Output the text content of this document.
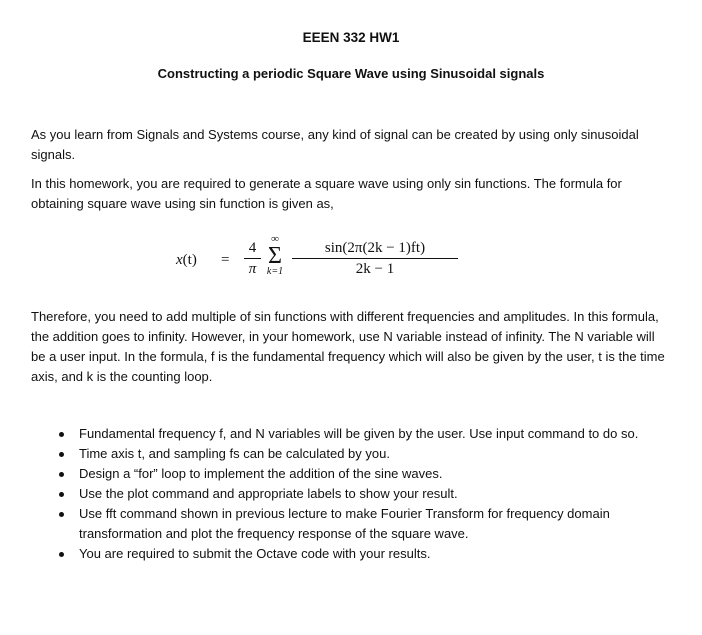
EEEN 332 HW1
Constructing a periodic Square Wave using Sinusoidal signals
As you learn from Signals and Systems course, any kind of signal can be created by using only sinusoidal signals.
In this homework, you are required to generate a square wave using only sin functions. The formula for obtaining square wave using sin function is given as,
x(t) =
4
π
∞
Σ
k=1
sin(2π(2k − 1)ft)
2k − 1
Therefore, you need to add multiple of sin functions with different frequencies and amplitudes. In this formula, the addition goes to infinity. However, in your homework, use N variable instead of infinity. The N variable will be a user input. In the formula, f is the fundamental frequency which will also be given by the user, t is the time axis, and k is the counting loop.
Fundamental frequency f, and N variables will be given by the user. Use input command to do so.
Time axis t, and sampling fs can be calculated by you.
Design a “for” loop to implement the addition of the sine waves.
Use the plot command and appropriate labels to show your result.
Use fft command shown in previous lecture to make Fourier Transform for frequency domain transformation and plot the frequency response of the square wave.
You are required to submit the Octave code with your results.
